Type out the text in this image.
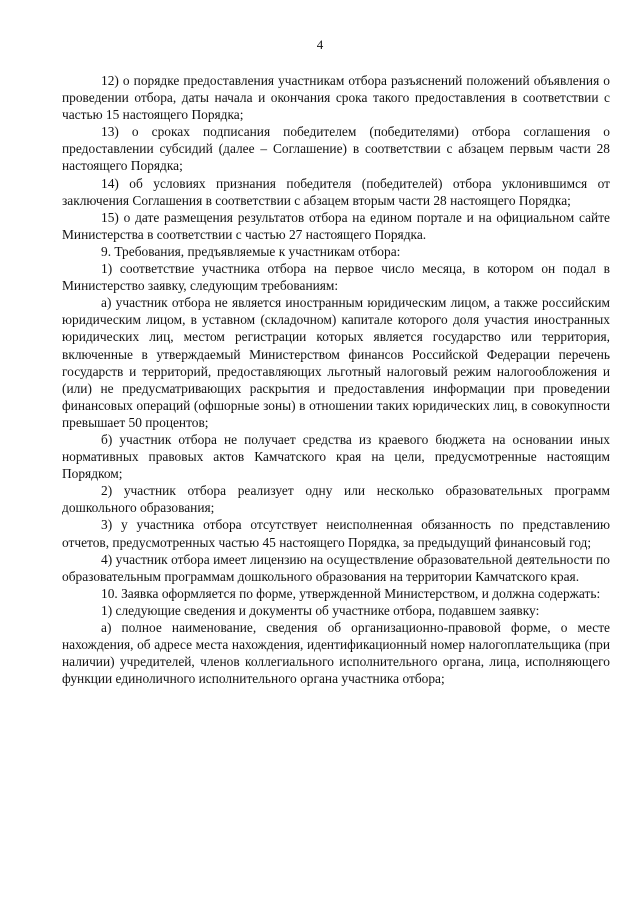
4

12) о порядке предоставления участникам отбора разъяснений положений объявления о проведении отбора, даты начала и окончания срока такого предоставления в соответствии с частью 15 настоящего Порядка;

13) о сроках подписания победителем (победителями) отбора соглашения о предоставлении субсидий (далее – Соглашение) в соответствии с абзацем первым части 28 настоящего Порядка;

14) об условиях признания победителя (победителей) отбора уклонившимся от заключения Соглашения в соответствии с абзацем вторым части 28 настоящего Порядка;

15) о дате размещения результатов отбора на едином портале и на официальном сайте Министерства в соответствии с частью 27 настоящего Порядка.

9. Требования, предъявляемые к участникам отбора:

1) соответствие участника отбора на первое число месяца, в котором он подал в Министерство заявку, следующим требованиям:

а) участник отбора не является иностранным юридическим лицом, а также российским юридическим лицом, в уставном (складочном) капитале которого доля участия иностранных юридических лиц, местом регистрации которых является государство или территория, включенные в утверждаемый Министерством финансов Российской Федерации перечень государств и территорий, предоставляющих льготный налоговый режим налогообложения и (или) не предусматривающих раскрытия и предоставления информации при проведении финансовых операций (офшорные зоны) в отношении таких юридических лиц, в совокупности превышает 50 процентов;

б) участник отбора не получает средства из краевого бюджета на основании иных нормативных правовых актов Камчатского края на цели, предусмотренные настоящим Порядком;

2) участник отбора реализует одну или несколько образовательных программ дошкольного образования;

3) у участника отбора отсутствует неисполненная обязанность по представлению отчетов, предусмотренных частью 45 настоящего Порядка, за предыдущий финансовый год;

4) участник отбора имеет лицензию на осуществление образовательной деятельности по образовательным программам дошкольного образования на территории Камчатского края.

10. Заявка оформляется по форме, утвержденной Министерством, и должна содержать:

1) следующие сведения и документы об участнике отбора, подавшем заявку:

а) полное наименование, сведения об организационно-правовой форме, о месте нахождения, об адресе места нахождения, идентификационный номер налогоплательщика (при наличии) учредителей, членов коллегиального исполнительного органа, лица, исполняющего функции единоличного исполнительного органа участника отбора;
